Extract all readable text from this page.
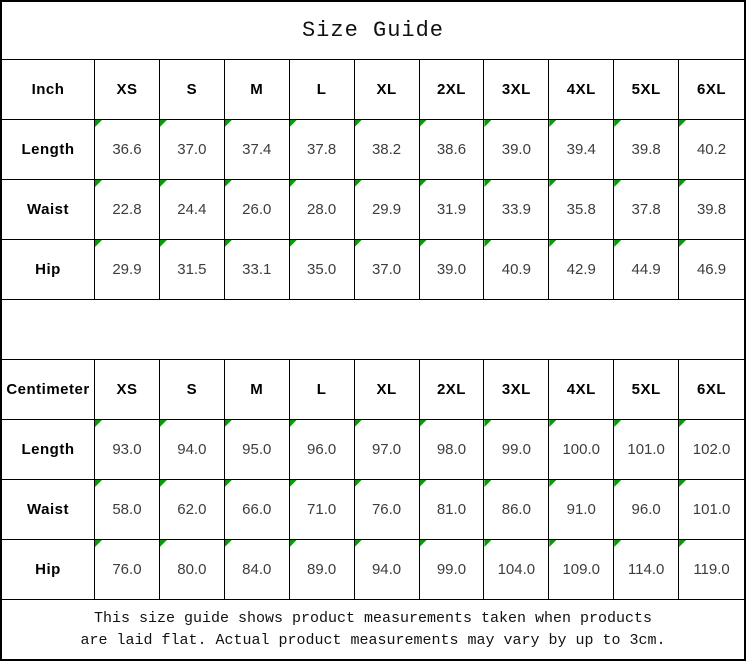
Size Guide
Inch	XS	S	M	L	XL	2XL 3XL 4XL 5XL 6XL
Length	36.6 37.0 37.4 37.8 38.2 38.6 39.0 39.4 39.8 40.2
Waist	22.8 24.4 26.0 28.0 29.9 31.9 33.9 35.8 37.8 39.8
Hip	29.9 31.5 33.1 35.0 37.0 39.0 40.9 42.9 44.9 46.9
Centimeter XS	S	M	L	XL	2XL 3XL 4XL 5XL 6XL
Length	93.0 94.0 95.0 96.0 97.0 98.0 99.0 100.0 101.0 102.0
Waist	58.0 62.0 66.0 71.0 76.0 81.0 86.0 91.0 96.0 101.0
Hip	76.0 80.0 84.0 89.0 94.0 99.0 104.0 109.0 114.0 119.0
This size guide shows product measurements taken when products
are laid flat. Actual product measurements may vary by up to 3cm.
